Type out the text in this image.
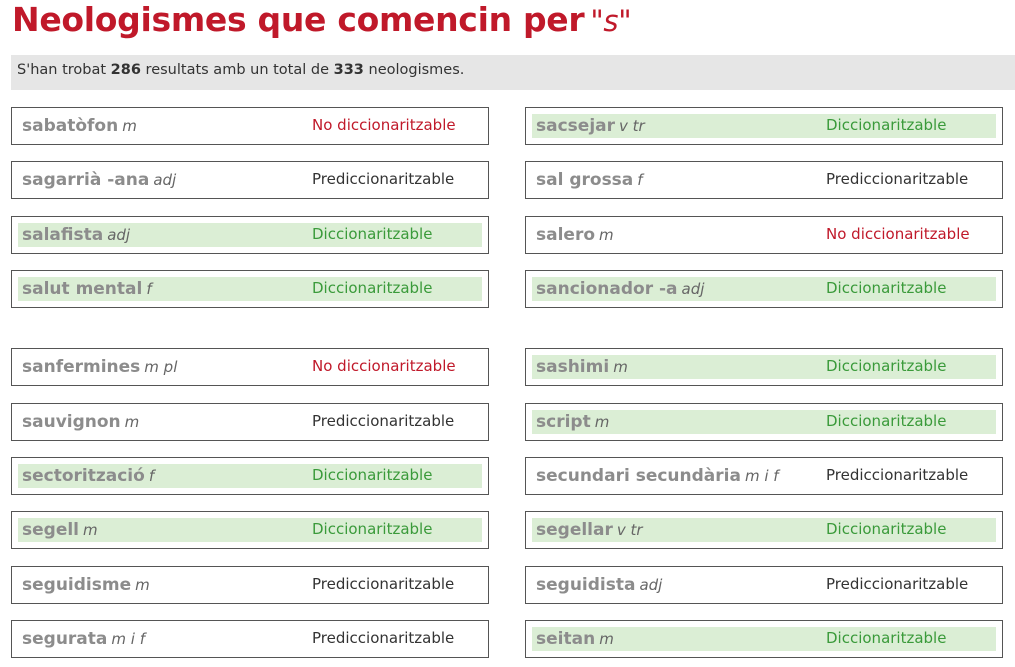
Neologismes que comencin per "s"
S'han trobat 286 resultats amb un total de 333 neologismes.
sabatòfon m	No diccionaritzable	sacsejar v tr	Diccionaritzable
sagarrià -ana adj	Prediccionaritzable	sal grossa f	Prediccionaritzable
salafista adj	Diccionaritzable	salero m	No diccionaritzable
salut mental f	Diccionaritzable	sancionador -a adj	Diccionaritzable
sanfermines m pl	No diccionaritzable	sashimi m	Diccionaritzable
sauvignon m	Prediccionaritzable	script m	Diccionaritzable
sectorització f	Diccionaritzable	secundari secundària m i f	Prediccionaritzable
segell m	Diccionaritzable	segellar v tr	Diccionaritzable
seguidisme m	Prediccionaritzable	seguidista adj	Prediccionaritzable
segurata m i f	Prediccionaritzable	seitan m	Diccionaritzable
